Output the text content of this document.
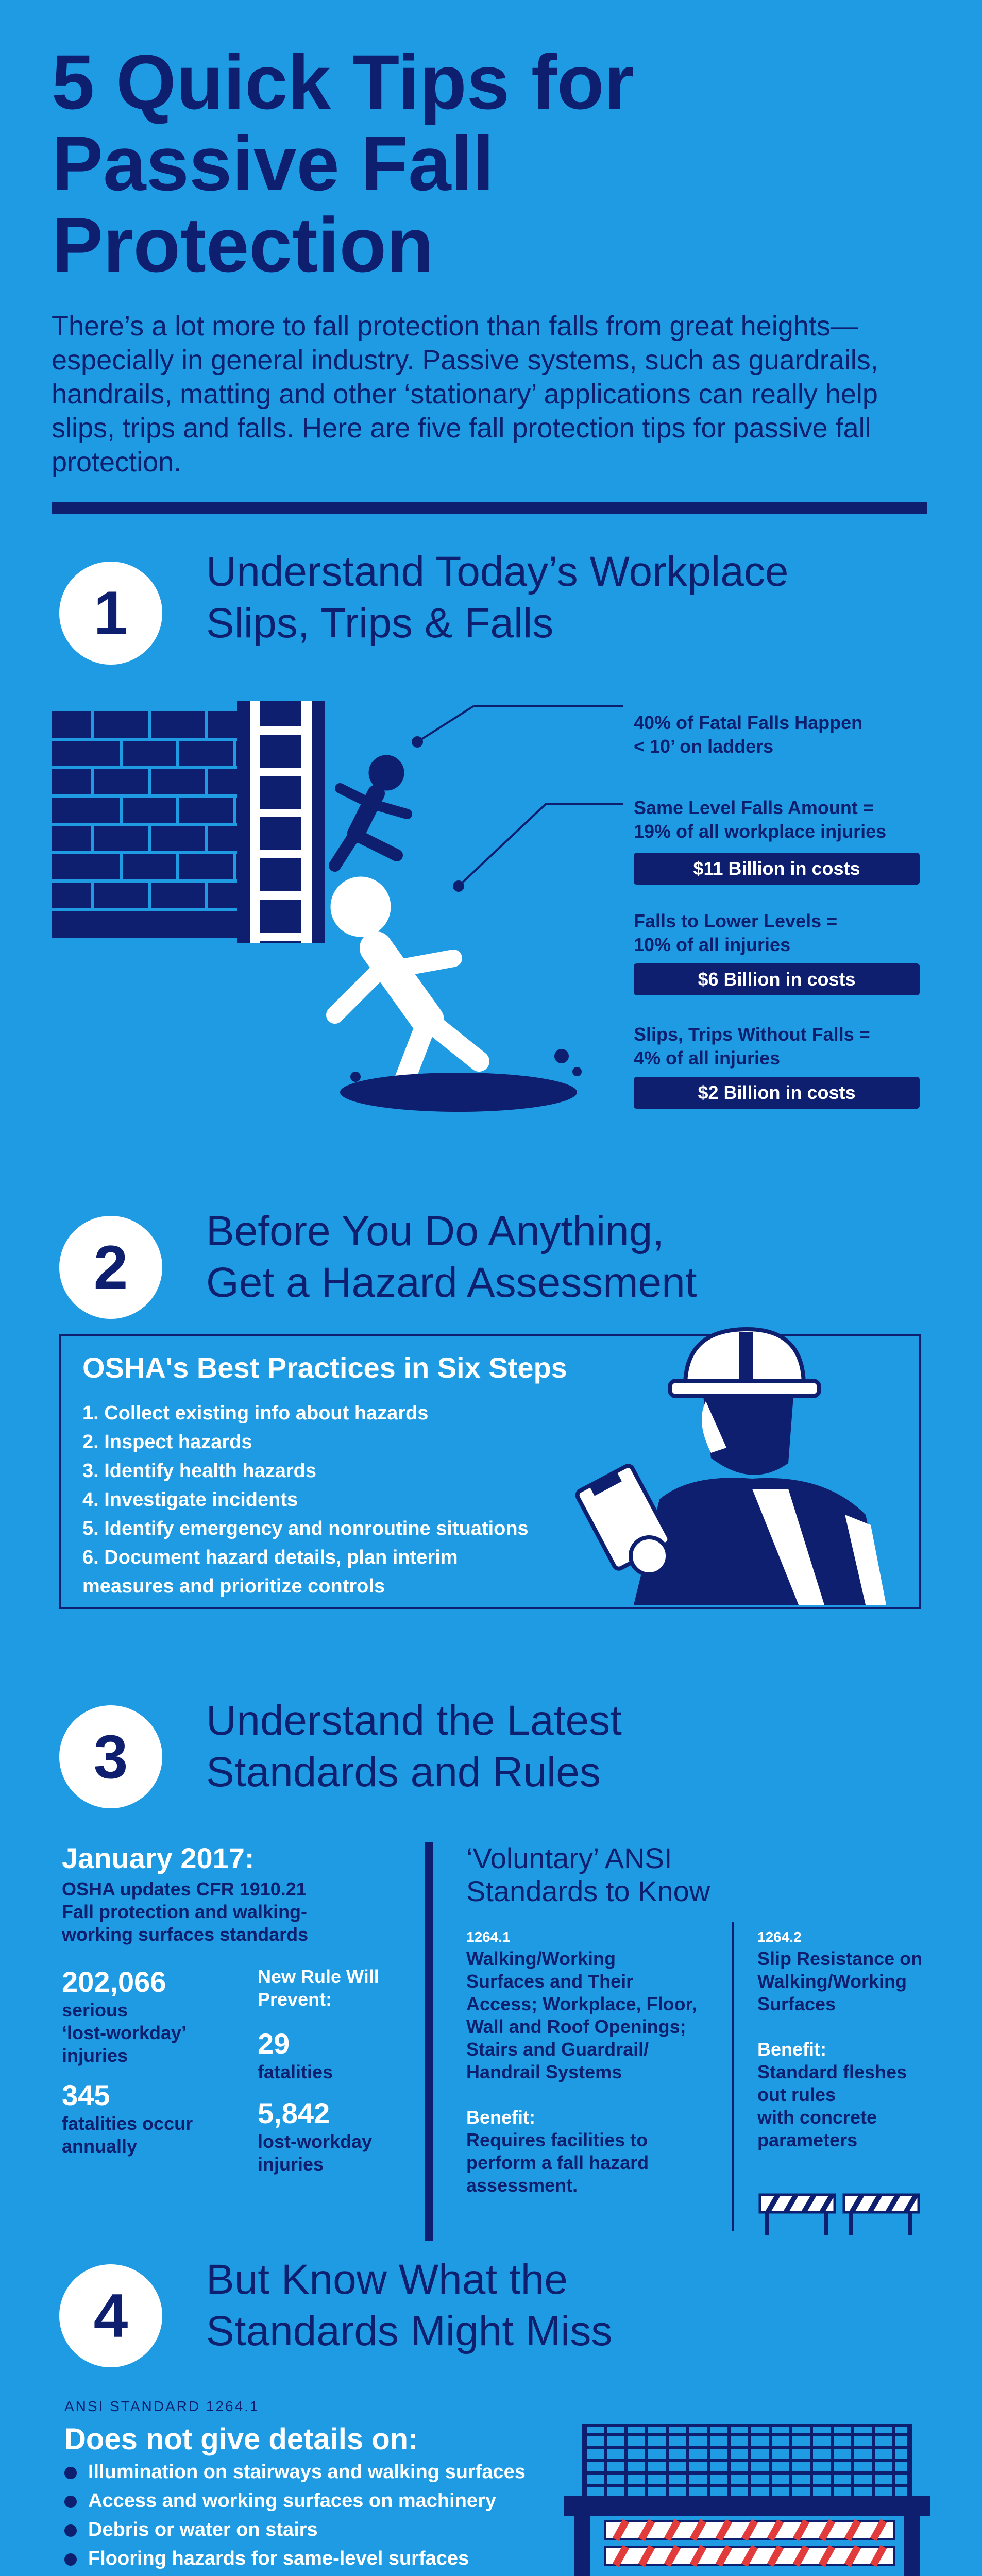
5 Quick Tips for Passive Fall Protection
There’s a lot more to fall protection than falls from great heights—especially in general industry. Passive systems, such as guardrails, handrails, matting and other ‘stationary’ applications can really help slips, trips and falls. Here are five fall protection tips for passive fall protection.
1
Understand Today’s Workplace
Slips, Trips & Falls
40% of Fatal Falls Happen
< 10’ on ladders
Same Level Falls Amount =
19% of all workplace injuries
$11 Billion in costs
Falls to Lower Levels =
10% of all injuries
$6 Billion in costs
Slips, Trips Without Falls =
4% of all injuries
$2 Billion in costs
2
Before You Do Anything,
Get a Hazard Assessment
OSHA's Best Practices in Six Steps
1. Collect existing info about hazards
2. Inspect hazards
3. Identify health hazards
4. Investigate incidents
5. Identify emergency and nonroutine situations
6. Document hazard details, plan interim
measures and prioritize controls
3
Understand the Latest
Standards and Rules
January 2017:
OSHA updates CFR 1910.21
Fall protection and walking-
working surfaces standards
202,066
serious
‘lost-workday’
injuries
345
fatalities occur
annually
New Rule Will
Prevent:
29
fatalities
5,842
lost-workday
injuries
‘Voluntary’ ANSI
Standards to Know
1264.1
Walking/Working
Surfaces and Their
Access; Workplace, Floor,
Wall and Roof Openings;
Stairs and Guardrail/
Handrail Systems
Benefit:
Requires facilities to
perform a fall hazard
assessment.
1264.2
Slip Resistance on
Walking/Working
Surfaces
Benefit:
Standard fleshes
out rules
with concrete
parameters
4
But Know What the
Standards Might Miss
ANSI STANDARD 1264.1
Does not give details on:
Illumination on stairways and walking surfaces
Access and working surfaces on machinery
Debris or water on stairs
Flooring hazards for same-level surfaces
